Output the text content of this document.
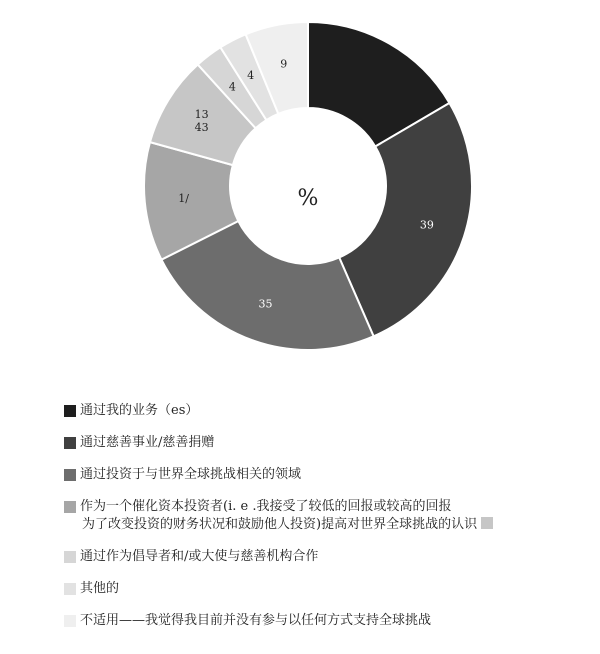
39
35
1/
13
43
4
4
9
%
通过我的业务（es）
通过慈善事业/慈善捐赠
通过投资于与世界全球挑战相关的领域
作为一个催化资本投资者(i. e .我接受了较低的回报或较高的回报
为了改变投资的财务状况和鼓励他人投资)提高对世界全球挑战的认识
通过作为倡导者和/或大使与慈善机构合作
其他的
不适用——我觉得我目前并没有参与以任何方式支持全球挑战
